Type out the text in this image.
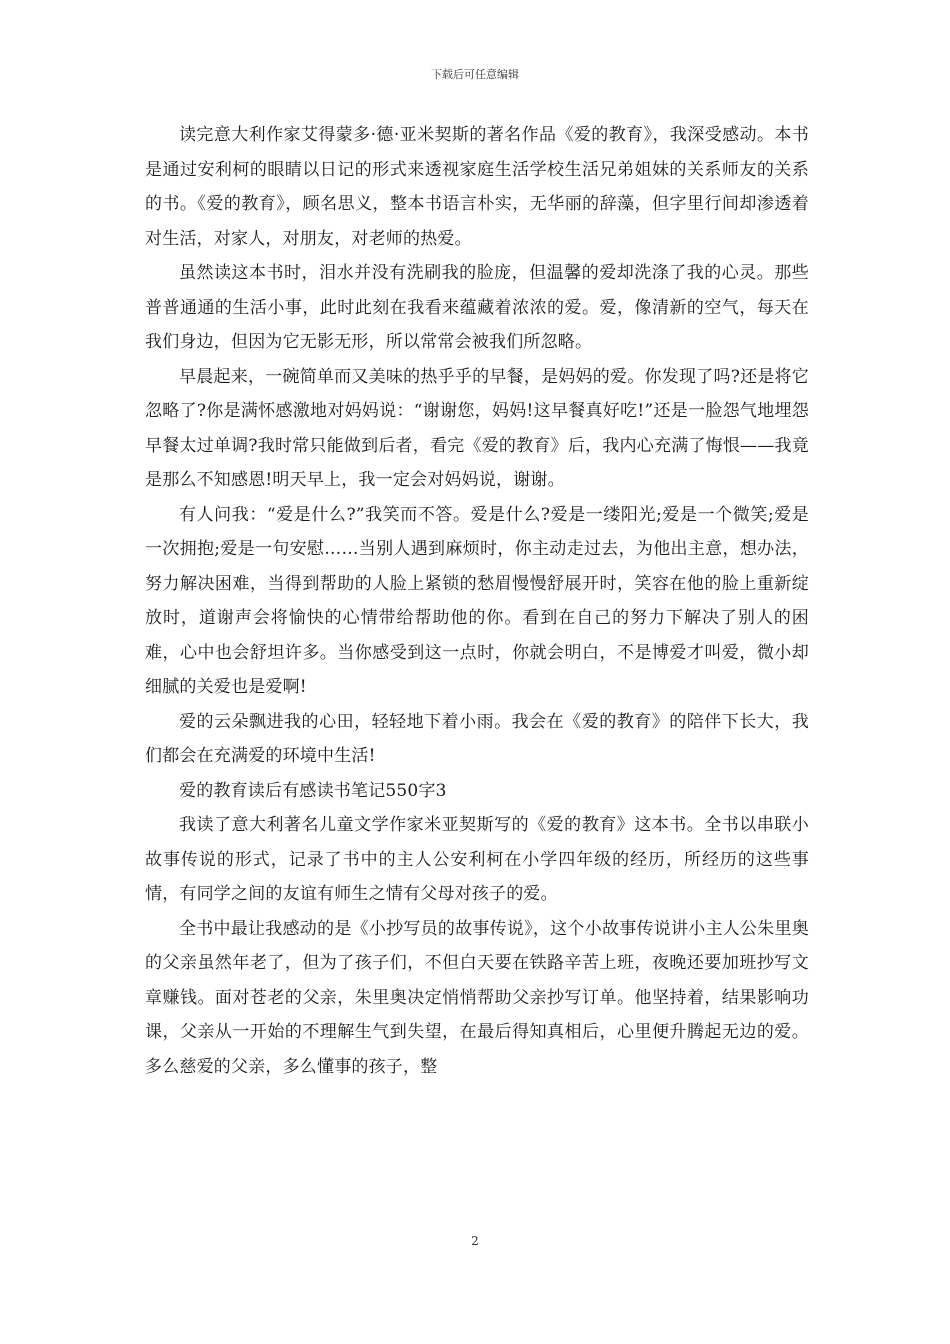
下载后可任意编辑

读完意大利作家艾得蒙多·德·亚米契斯的著名作品《爱的教育》，我深受感动。本书是通过安利柯的眼睛以日记的形式来透视家庭生活学校生活兄弟姐妹的关系师友的关系的书。《爱的教育》，顾名思义，整本书语言朴实，无华丽的辞藻，但字里行间却渗透着对生活，对家人，对朋友，对老师的热爱。

虽然读这本书时，泪水并没有洗刷我的脸庞，但温馨的爱却洗涤了我的心灵。那些普普通通的生活小事，此时此刻在我看来蕴藏着浓浓的爱。爱，像清新的空气，每天在我们身边，但因为它无影无形，所以常常会被我们所忽略。

早晨起来，一碗简单而又美味的热乎乎的早餐，是妈妈的爱。你发现了吗?还是将它忽略了?你是满怀感激地对妈妈说：“谢谢您，妈妈!这早餐真好吃!”还是一脸怨气地埋怨早餐太过单调?我时常只能做到后者，看完《爱的教育》后，我内心充满了悔恨——我竟是那么不知感恩!明天早上，我一定会对妈妈说，谢谢。

有人问我：“爱是什么?”我笑而不答。爱是什么?爱是一缕阳光;爱是一个微笑;爱是一次拥抱;爱是一句安慰……当别人遇到麻烦时，你主动走过去，为他出主意，想办法，努力解决困难，当得到帮助的人脸上紧锁的愁眉慢慢舒展开时，笑容在他的脸上重新绽放时，道谢声会将愉快的心情带给帮助他的你。看到在自己的努力下解决了别人的困难，心中也会舒坦许多。当你感受到这一点时，你就会明白，不是博爱才叫爱，微小却细腻的关爱也是爱啊!

爱的云朵飘进我的心田，轻轻地下着小雨。我会在《爱的教育》的陪伴下长大，我们都会在充满爱的环境中生活!

爱的教育读后有感读书笔记550字3

我读了意大利著名儿童文学作家米亚契斯写的《爱的教育》这本书。全书以串联小故事传说的形式，记录了书中的主人公安利柯在小学四年级的经历，所经历的这些事情，有同学之间的友谊有师生之情有父母对孩子的爱。

全书中最让我感动的是《小抄写员的故事传说》，这个小故事传说讲小主人公朱里奥的父亲虽然年老了，但为了孩子们，不但白天要在铁路辛苦上班，夜晚还要加班抄写文章赚钱。面对苍老的父亲，朱里奥决定悄悄帮助父亲抄写订单。他坚持着，结果影响功课，父亲从一开始的不理解生气到失望，在最后得知真相后，心里便升腾起无边的爱。多么慈爱的父亲，多么懂事的孩子，整

2
